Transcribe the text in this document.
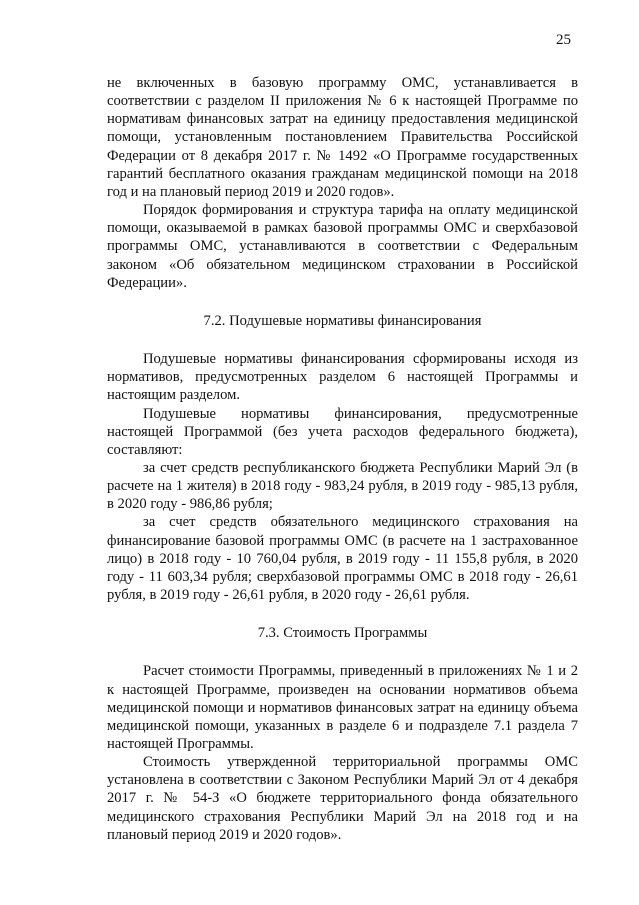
25

не включенных в базовую программу ОМС, устанавливается в соответствии с разделом II приложения № 6 к настоящей Программе по нормативам финансовых затрат на единицу предоставления медицинской помощи, установленным постановлением Правительства Российской Федерации от 8 декабря 2017 г. № 1492 «О Программе государственных гарантий бесплатного оказания гражданам медицинской помощи на 2018 год и на плановый период 2019 и 2020 годов».

Порядок формирования и структура тарифа на оплату медицинской помощи, оказываемой в рамках базовой программы ОМС и сверхбазовой программы ОМС, устанавливаются в соответствии с Федеральным законом «Об обязательном медицинском страховании в Российской Федерации».

7.2. Подушевые нормативы финансирования

Подушевые нормативы финансирования сформированы исходя из нормативов, предусмотренных разделом 6 настоящей Программы и настоящим разделом.

Подушевые нормативы финансирования, предусмотренные настоящей Программой (без учета расходов федерального бюджета), составляют:

за счет средств республиканского бюджета Республики Марий Эл (в расчете на 1 жителя) в 2018 году - 983,24 рубля, в 2019 году - 985,13 рубля, в 2020 году - 986,86 рубля;

за счет средств обязательного медицинского страхования на финансирование базовой программы ОМС (в расчете на 1 застрахованное лицо) в 2018 году - 10 760,04 рубля, в 2019 году - 11 155,8 рубля, в 2020 году - 11 603,34 рубля; сверхбазовой программы ОМС в 2018 году - 26,61 рубля, в 2019 году - 26,61 рубля, в 2020 году - 26,61 рубля.

7.3. Стоимость Программы

Расчет стоимости Программы, приведенный в приложениях № 1 и 2 к настоящей Программе, произведен на основании нормативов объема медицинской помощи и нормативов финансовых затрат на единицу объема медицинской помощи, указанных в разделе 6 и подразделе 7.1 раздела 7 настоящей Программы.

Стоимость утвержденной территориальной программы ОМС установлена в соответствии с Законом Республики Марий Эл от 4 декабря 2017 г. № 54-З «О бюджете территориального фонда обязательного медицинского страхования Республики Марий Эл на 2018 год и на плановый период 2019 и 2020 годов».
